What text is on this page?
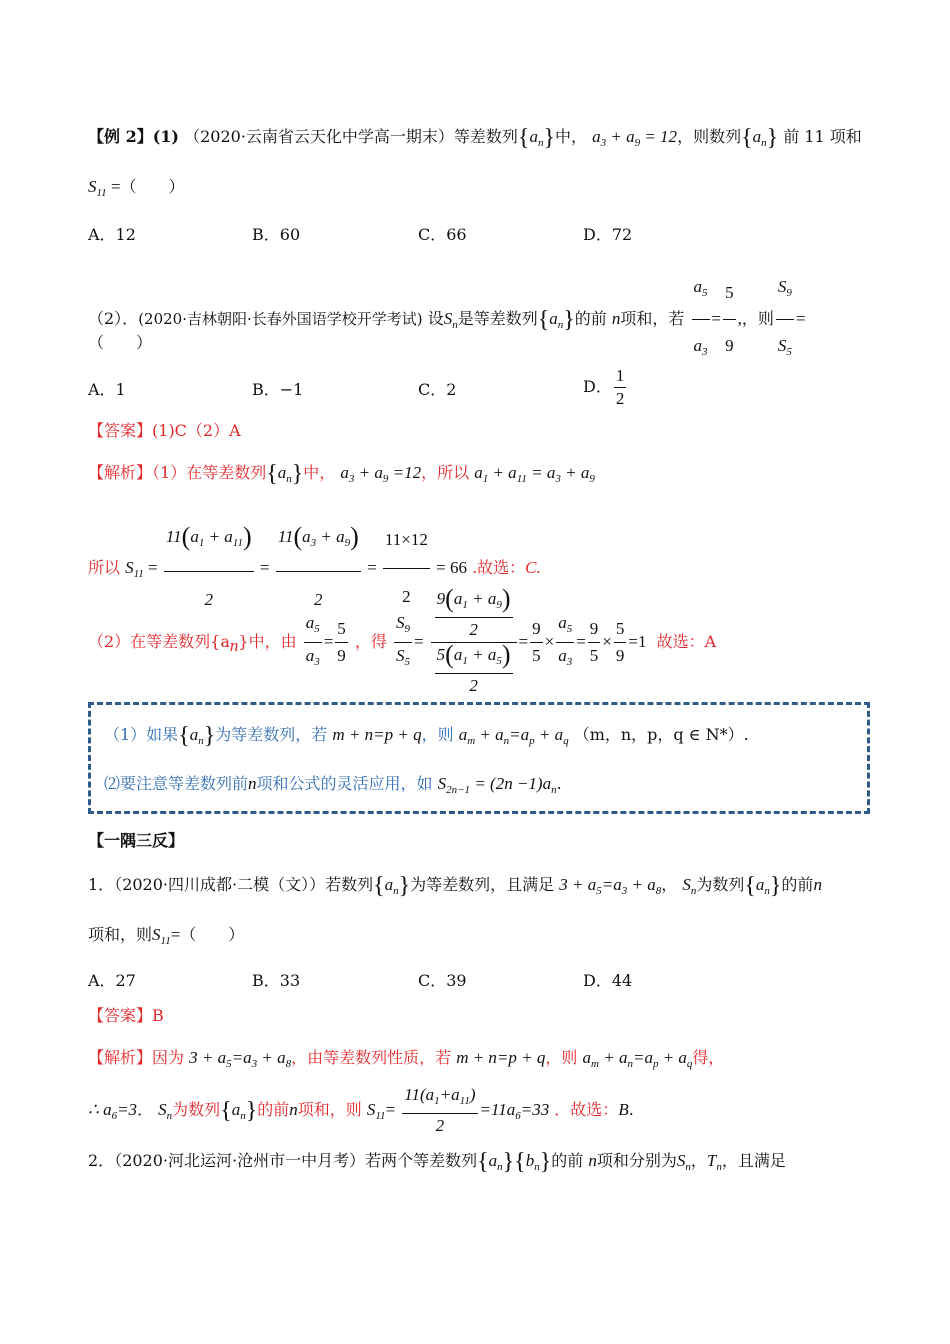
【例 2】(1) （2020·云南省云天化中学高一期末）等差数列$\{a_n\}$中， $a_3 + a_9 = 12$，则数列$\{a_n\}$ 前 11 项和
$S_{11}$ =（　　）
A．12	B．60	C．66	D．72
（2）．(2020·吉林朝阳·长春外国语学校开学考试) 设$S_n$是等差数列$\{a_n\}$的前 n项和，若 $\frac{a_5}{a_3} = \frac{5}{9}$ ,，则 $\frac{S_9}{S_5}$ =
（　　）
A．1	B．−1	C．2	D． $\frac{1}{2}$
【答案】(1)C（2）A
【解析】（1）在等差数列$\{a_n\}$中， $a_3 + a_9 =12$，所以 $a_1 + a_{11} = a_3 + a_9$
所以 $S_{11} = \frac{11(a_1 + a_{11})}{2} = \frac{11(a_3 + a_9)}{2} = \frac{11\times 12}{2} = 66$ .故选：C.
（2）在等差数列$\{a_n\}$中，由 $\frac{a_5}{a_3} = \frac{5}{9}$ ，得 $\frac{S_9}{S_5} = \frac{\frac{9(a_1 + a_9)}{2}}{\frac{5(a_1 + a_5)}{2}} = \frac{9}{5} \times \frac{a_5}{a_3} = \frac{9}{5} \times \frac{5}{9} =1$ 故选：A
（1）如果$\{a_n\}$为等差数列，若 m + n=p + q，则 $a_m + a_n=a_p + a_q$ （m，n，p，q ∈ N*）.
⑵要注意等差数列前n项和公式的灵活应用，如 $S_{2n-1} = (2n -1)a_n$.
【一隅三反】
1．（2020·四川成都·二模（文））若数列$\{a_n\}$为等差数列，且满足 $3 + a_5=a_3 + a_8$， $S_n$为数列$\{a_n\}$的前n
项和，则$S_{11}=$（　　）
A．27	B．33	C．39	D．44
【答案】B
【解析】因为 $3 + a_5=a_3 + a_8$，由等差数列性质，若 m + n=p + q，则 $a_m + a_n=a_p + a_q$得，
∴ $a_6=3$． $S_n$为数列$\{a_n\}$的前n项和，则 $S_{11}= \frac{11(a_1+a_{11})}{2} =11a_6=33$ ．故选：B.
2．（2020·河北运河·沧州市一中月考）若两个等差数列$\{a_n\}\{b_n\}$的前 n项和分别为$S_n$，$T_n$，且满足
